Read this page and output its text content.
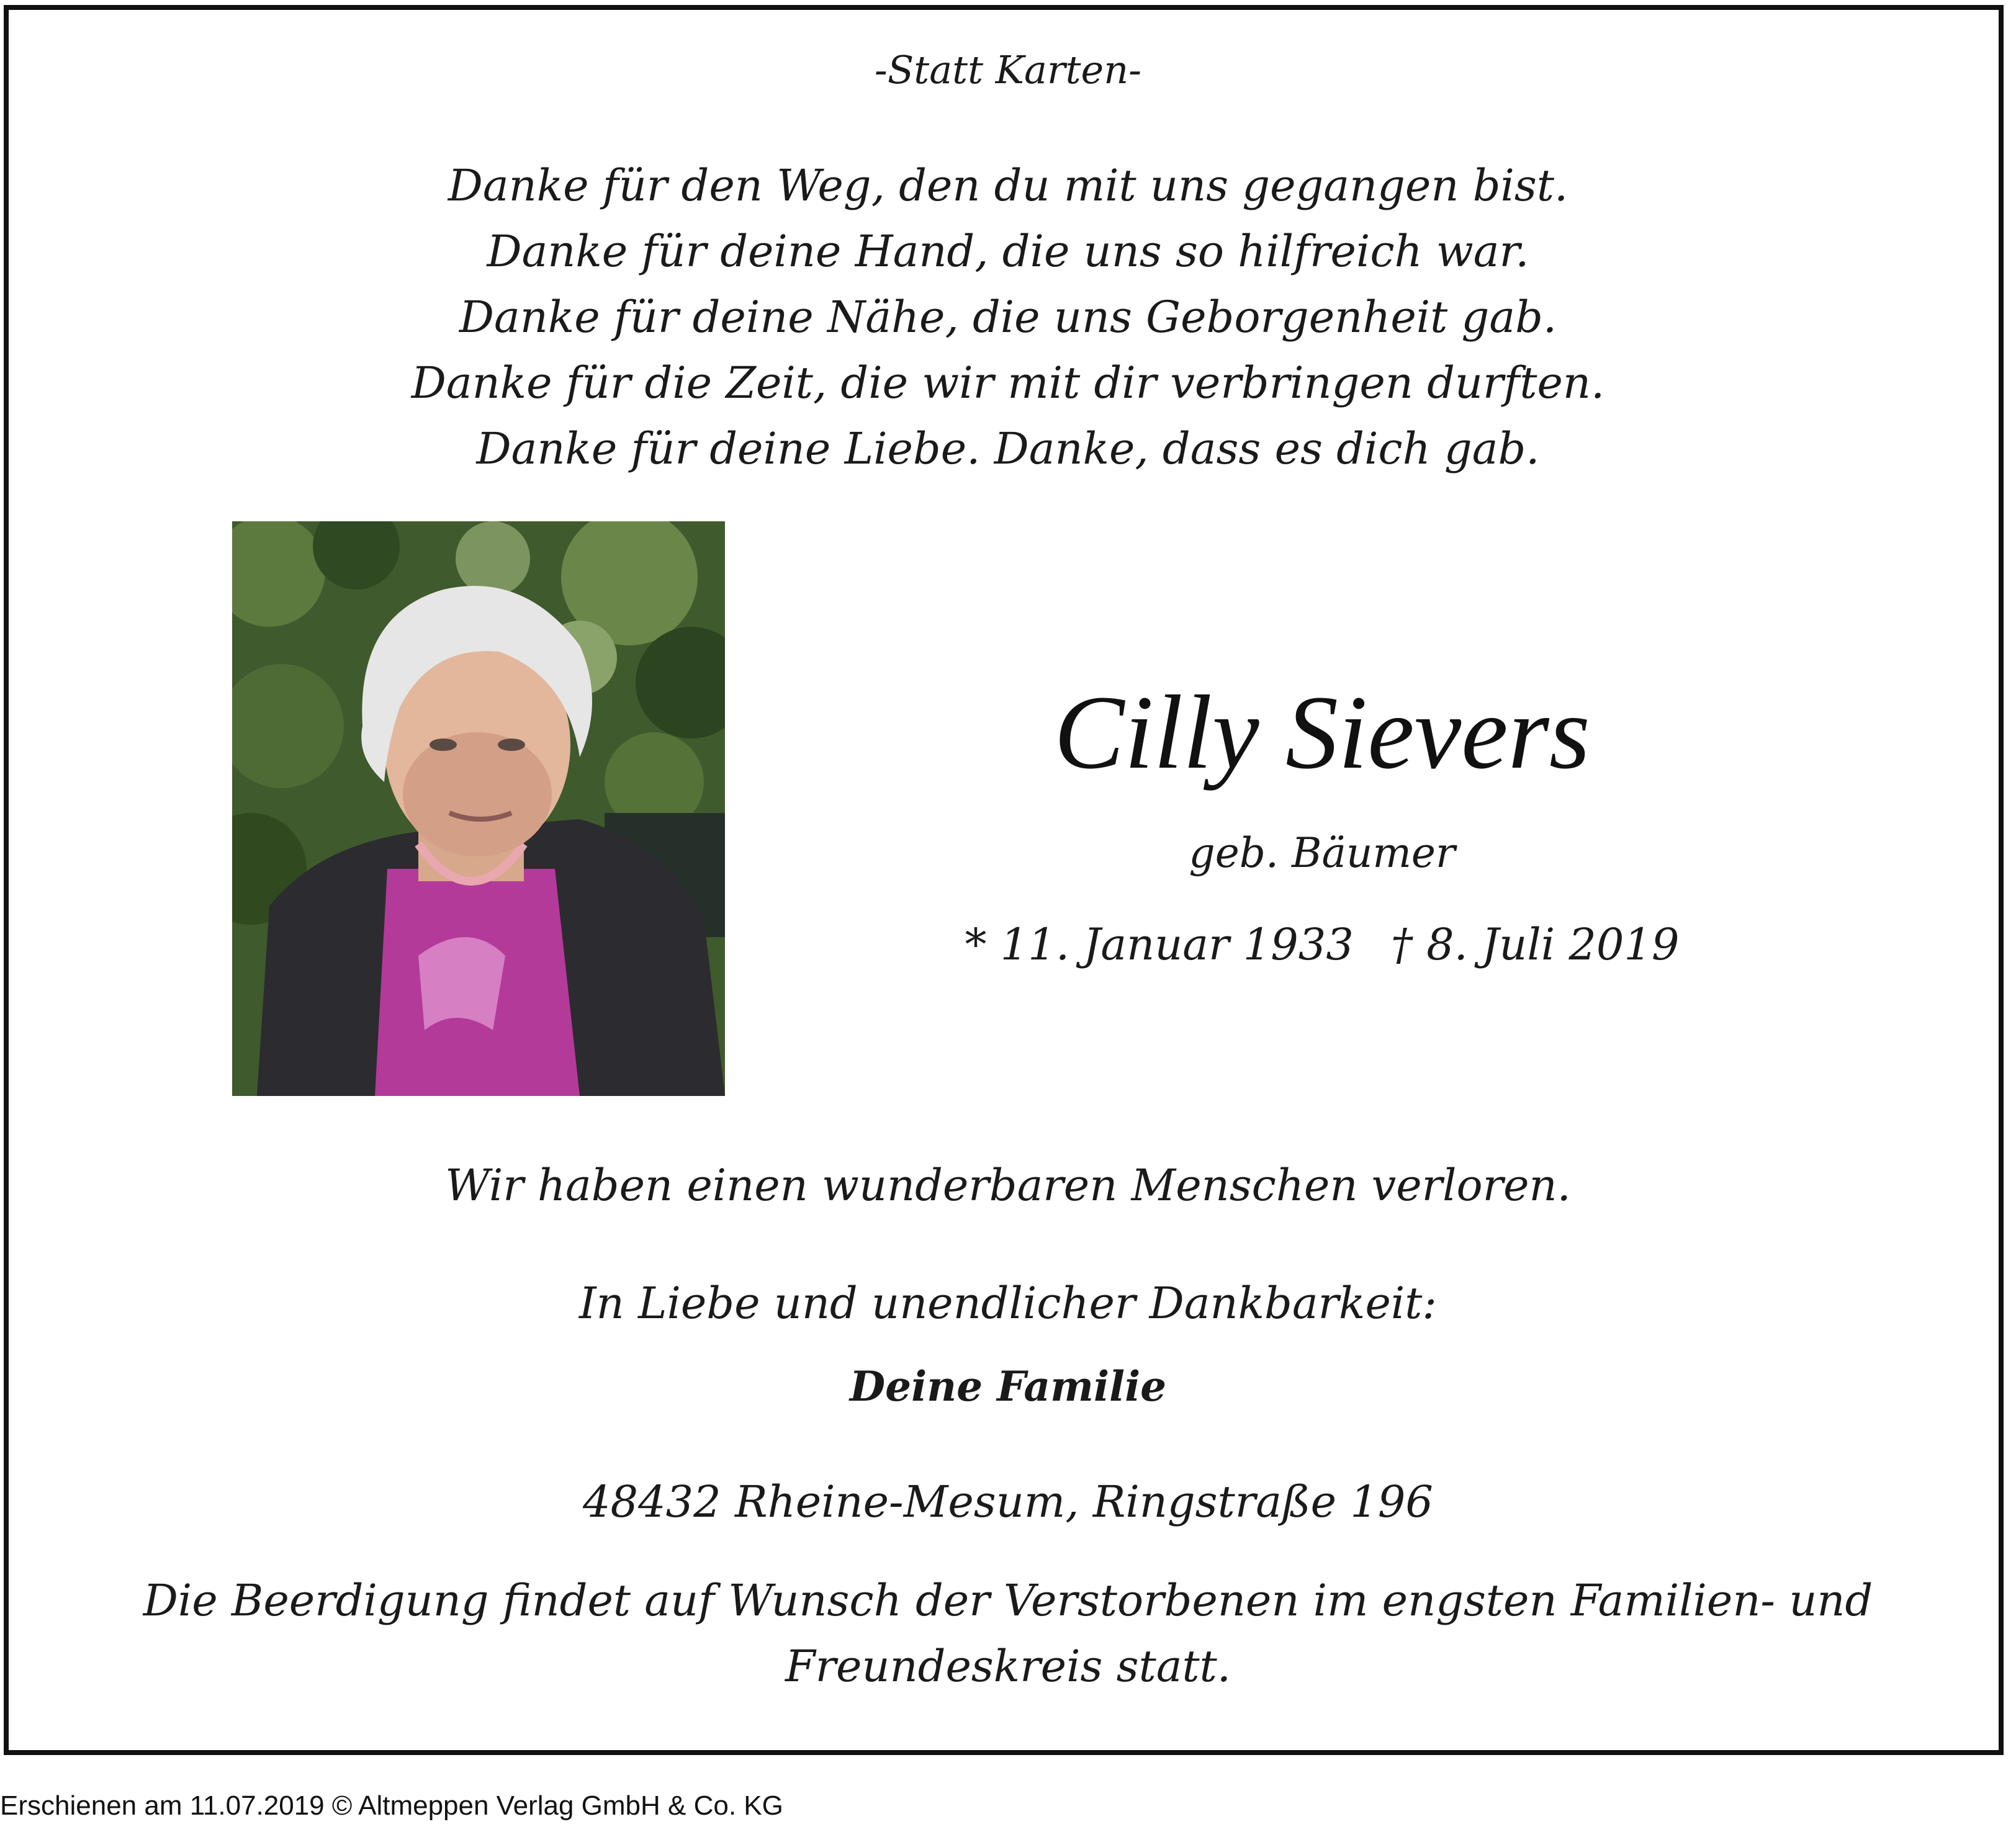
-Statt Karten-
Danke für den Weg, den du mit uns gegangen bist.
Danke für deine Hand, die uns so hilfreich war.
Danke für deine Nähe, die uns Geborgenheit gab.
Danke für die Zeit, die wir mit dir verbringen durften.
Danke für deine Liebe. Danke, dass es dich gab.
Cilly Sievers
geb. Bäumer
* 11. Januar 1933 † 8. Juli 2019
Wir haben einen wunderbaren Menschen verloren.
In Liebe und unendlicher Dankbarkeit:
Deine Familie
48432 Rheine-Mesum, Ringstraße 196
Die Beerdigung findet auf Wunsch der Verstorbenen im engsten Familien- und
Freundeskreis statt.
Erschienen am 11.07.2019 © Altmeppen Verlag GmbH & Co. KG
